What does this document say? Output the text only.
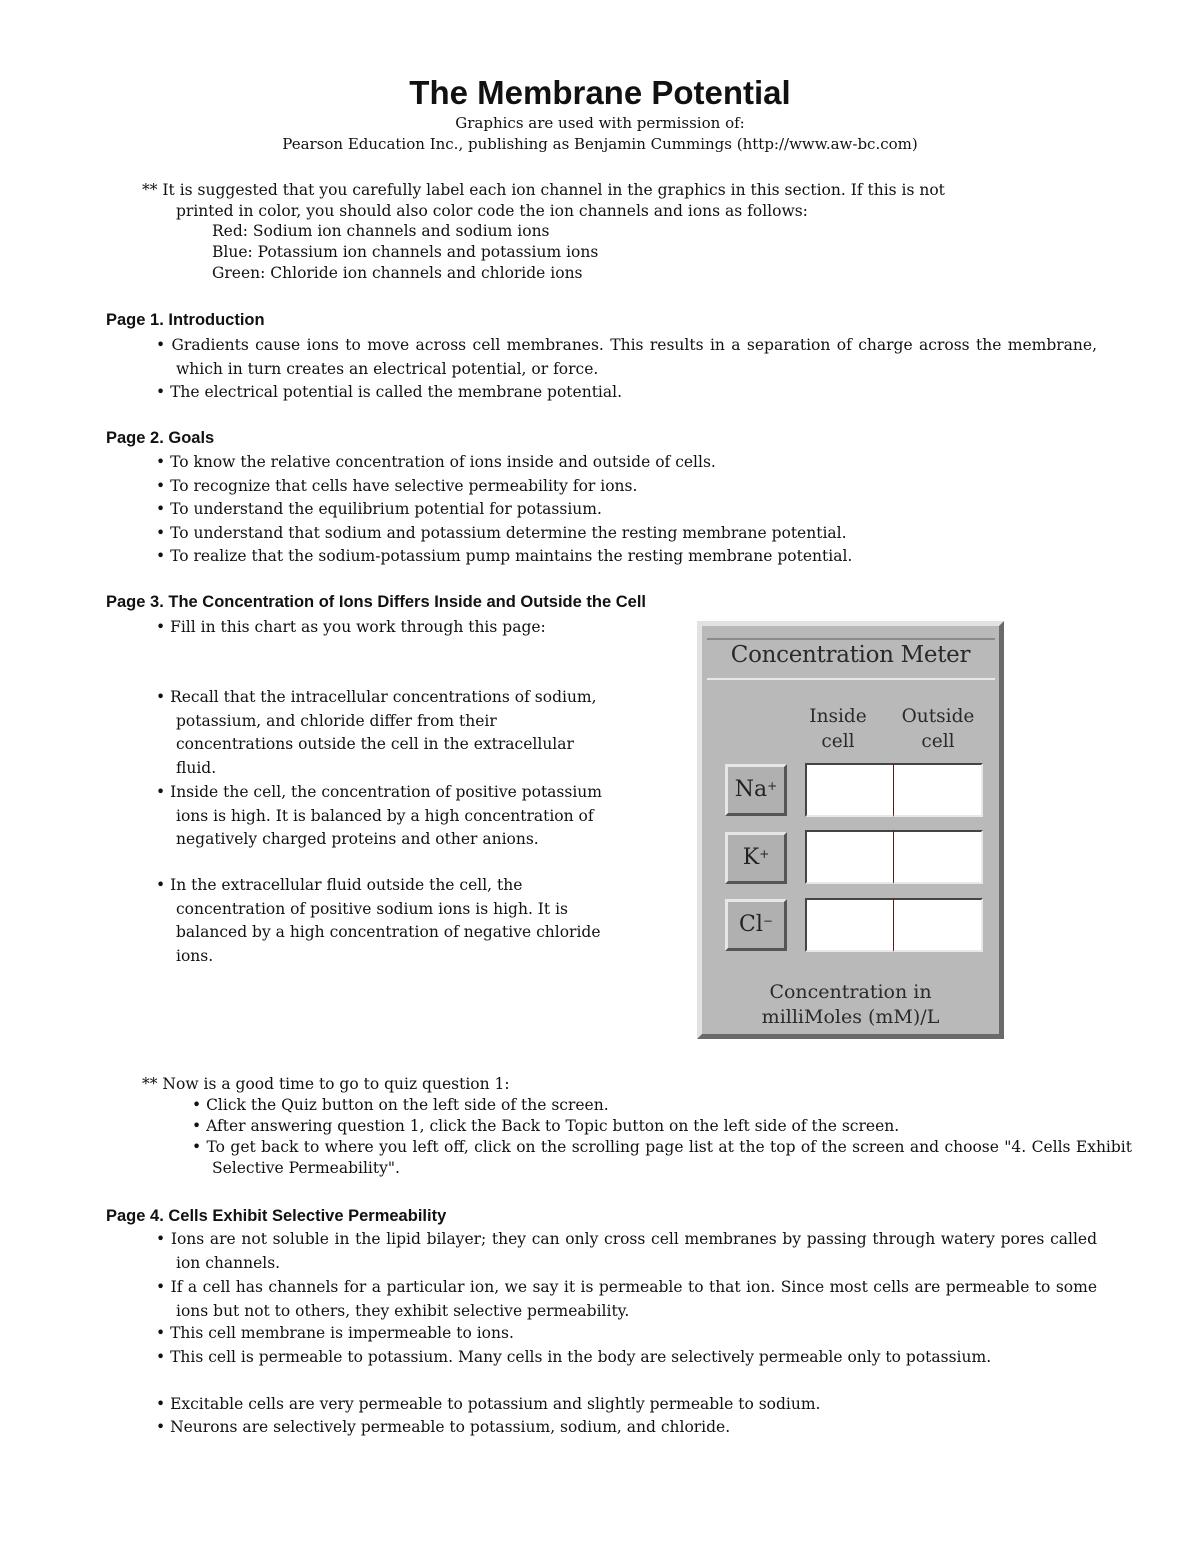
The Membrane Potential
Graphics are used with permission of:
Pearson Education Inc., publishing as Benjamin Cummings (http://www.aw-bc.com)
** It is suggested that you carefully label each ion channel in the graphics in this section. If this is not
printed in color, you should also color code the ion channels and ions as follows:
Red: Sodium ion channels and sodium ions
Blue: Potassium ion channels and potassium ions
Green: Chloride ion channels and chloride ions
Page 1. Introduction
• Gradients cause ions to move across cell membranes. This results in a separation of charge across the membrane, which in turn creates an electrical potential, or force.
• The electrical potential is called the membrane potential.
Page 2. Goals
• To know the relative concentration of ions inside and outside of cells.
• To recognize that cells have selective permeability for ions.
• To understand the equilibrium potential for potassium.
• To understand that sodium and potassium determine the resting membrane potential.
• To realize that the sodium-potassium pump maintains the resting membrane potential.
Page 3. The Concentration of Ions Differs Inside and Outside the Cell
• Fill in this chart as you work through this page:
• Recall that the intracellular concentrations of sodium, potassium, and chloride differ from their concentrations outside the cell in the extracellular fluid.
• Inside the cell, the concentration of positive potassium ions is high. It is balanced by a high concentration of negatively charged proteins and other anions.
• In the extracellular fluid outside the cell, the concentration of positive sodium ions is high. It is balanced by a high concentration of negative chloride ions.
Concentration Meter
Inside
cell
Outside
cell
Na+
K+
Cl−
Concentration in
milliMoles (mM)/L
** Now is a good time to go to quiz question 1:
• Click the Quiz button on the left side of the screen.
• After answering question 1, click the Back to Topic button on the left side of the screen.
• To get back to where you left off, click on the scrolling page list at the top of the screen and choose "4. Cells Exhibit Selective Permeability".
Page 4. Cells Exhibit Selective Permeability
• Ions are not soluble in the lipid bilayer; they can only cross cell membranes by passing through watery pores called ion channels.
• If a cell has channels for a particular ion, we say it is permeable to that ion. Since most cells are permeable to some ions but not to others, they exhibit selective permeability.
• This cell membrane is impermeable to ions.
• This cell is permeable to potassium. Many cells in the body are selectively permeable only to potassium.
• Excitable cells are very permeable to potassium and slightly permeable to sodium.
• Neurons are selectively permeable to potassium, sodium, and chloride.
